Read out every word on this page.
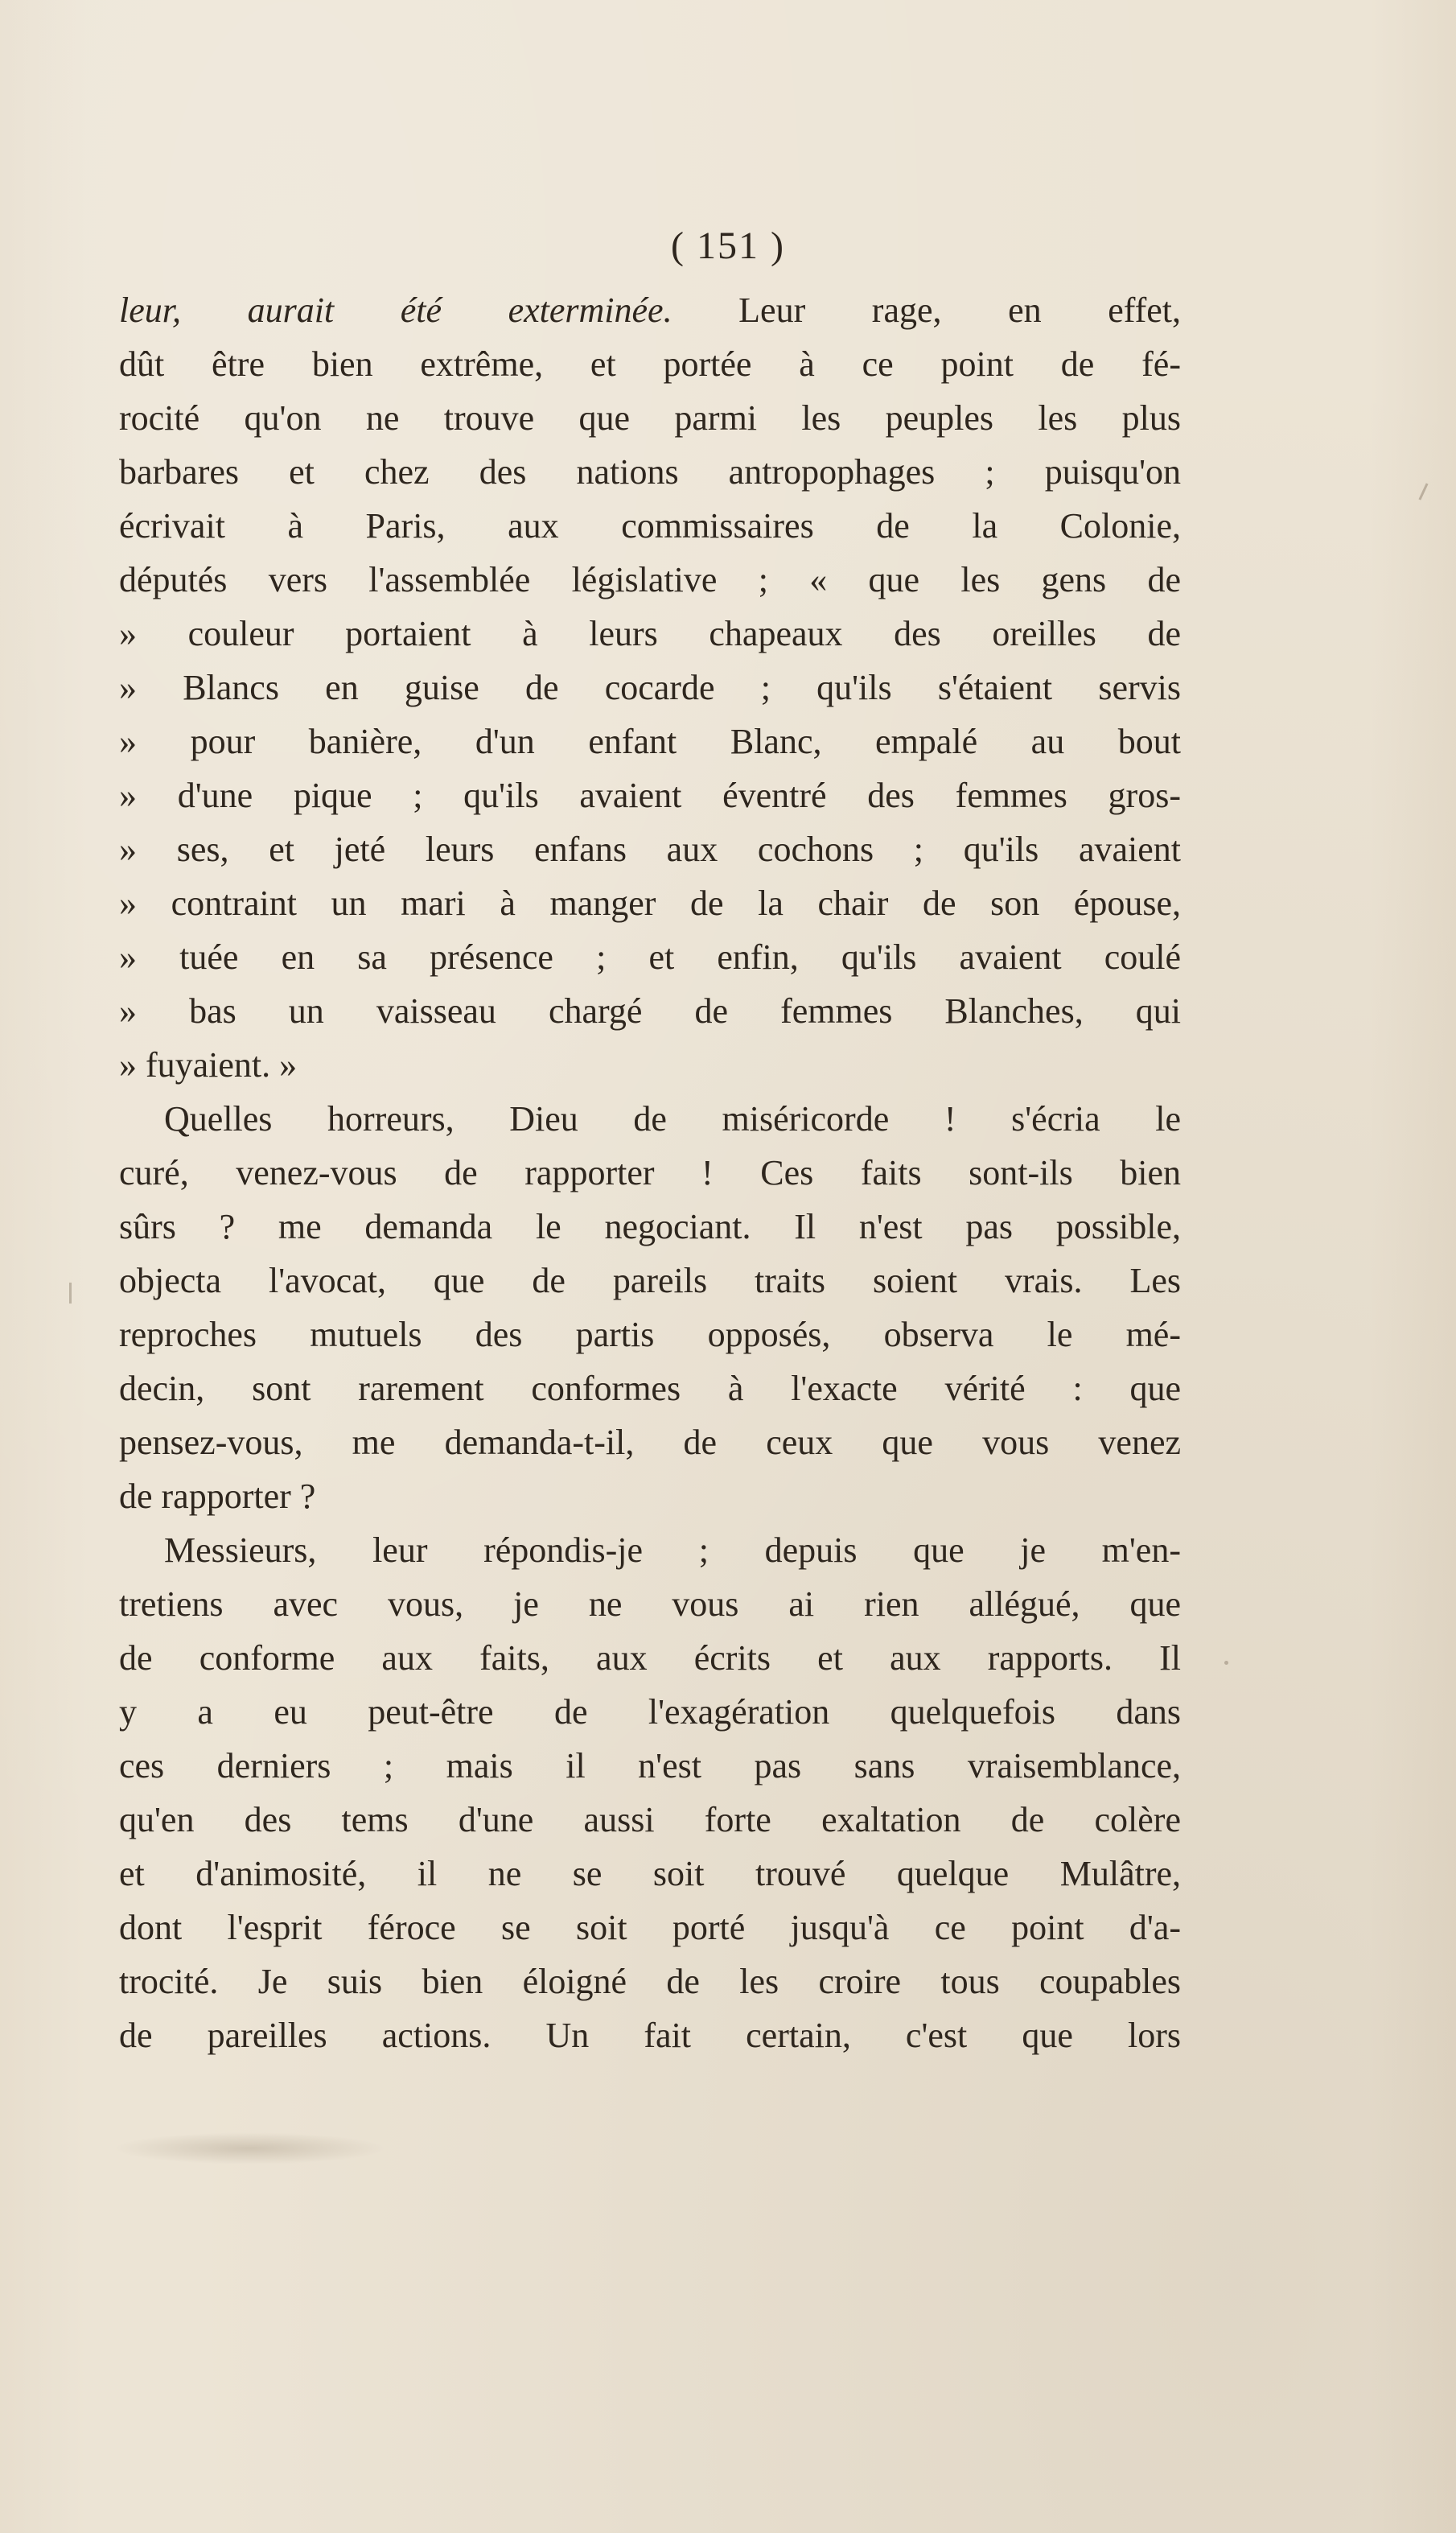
( 151 )
leur, aurait été exterminée. Leur rage, en effet,
dût être bien extrême, et portée à ce point de fé-
rocité qu'on ne trouve que parmi les peuples les plus
barbares et chez des nations antropophages ; puisqu'on
écrivait à Paris, aux commissaires de la Colonie,
députés vers l'assemblée législative ; « que les gens de
» couleur portaient à leurs chapeaux des oreilles de
» Blancs en guise de cocarde ; qu'ils s'étaient servis
» pour banière, d'un enfant Blanc, empalé au bout
» d'une pique ; qu'ils avaient éventré des femmes gros-
» ses, et jeté leurs enfans aux cochons ; qu'ils avaient
» contraint un mari à manger de la chair de son épouse,
» tuée en sa présence ; et enfin, qu'ils avaient coulé
» bas un vaisseau chargé de femmes Blanches, qui
» fuyaient. »
Quelles horreurs, Dieu de miséricorde ! s'écria le
curé, venez-vous de rapporter ! Ces faits sont-ils bien
sûrs ? me demanda le negociant. Il n'est pas possible,
objecta l'avocat, que de pareils traits soient vrais. Les
reproches mutuels des partis opposés, observa le mé-
decin, sont rarement conformes à l'exacte vérité : que
pensez-vous, me demanda-t-il, de ceux que vous venez
de rapporter ?
Messieurs, leur répondis-je ; depuis que je m'en-
tretiens avec vous, je ne vous ai rien allégué, que
de conforme aux faits, aux écrits et aux rapports. Il
y a eu peut-être de l'exagération quelquefois dans
ces derniers ; mais il n'est pas sans vraisemblance,
qu'en des tems d'une aussi forte exaltation de colère
et d'animosité, il ne se soit trouvé quelque Mulâtre,
dont l'esprit féroce se soit porté jusqu'à ce point d'a-
trocité. Je suis bien éloigné de les croire tous coupables
de pareilles actions. Un fait certain, c'est que lors
